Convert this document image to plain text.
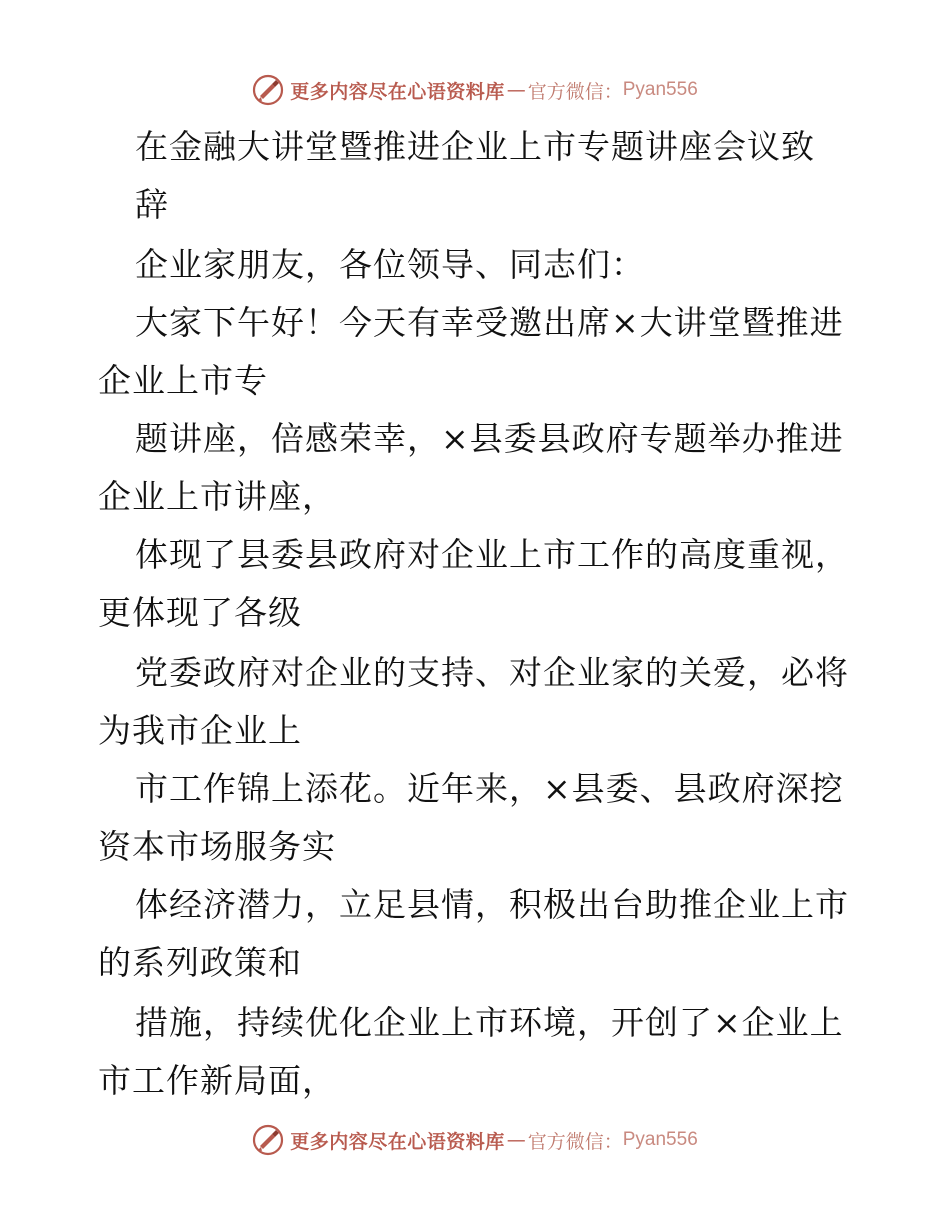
更多内容尽在心语资料库 — 官方微信： Pyan556
在金融大讲堂暨推进企业上市专题讲座会议致
辞
企业家朋友，各位领导、同志们：
大家下午好！今天有幸受邀出席×大讲堂暨推进
企业上市专
题讲座，倍感荣幸，×县委县政府专题举办推进
企业上市讲座，
体现了县委县政府对企业上市工作的高度重视，
更体现了各级
党委政府对企业的支持、对企业家的关爱，必将
为我市企业上
市工作锦上添花。近年来，×县委、县政府深挖
资本市场服务实
体经济潜力，立足县情，积极出台助推企业上市
的系列政策和
措施，持续优化企业上市环境，开创了×企业上
市工作新局面，
更多内容尽在心语资料库 — 官方微信： Pyan556
